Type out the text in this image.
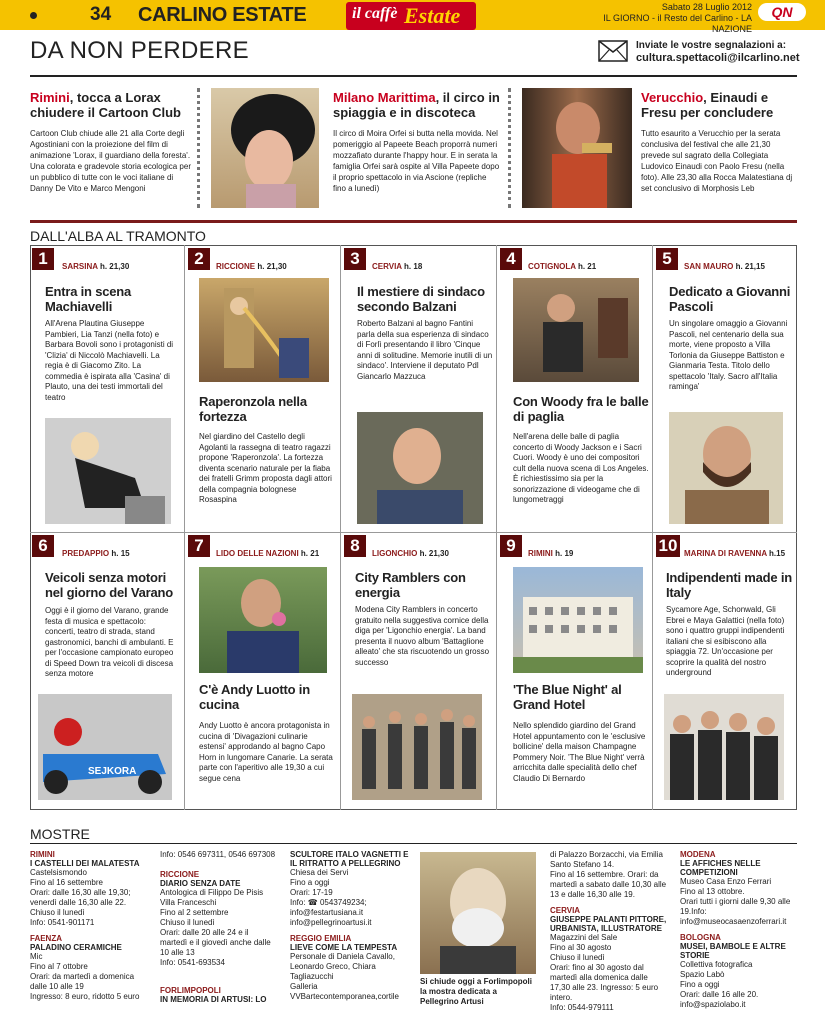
34 CARLINO ESTATE	il caffè Estate	Sabato 28 Luglio 2012
IL GIORNO - il Resto del Carlino - LA NAZIONE
QN
DA NON PERDERE	Inviate le vostre segnalazioni a:
cultura.spettacoli@ilcarlino.net
Rimini, tocca a Lorax chiudere il Cartoon Club
Cartoon Club chiude alle 21 alla Corte degli Agostiniani con la proiezione del film di animazione 'Lorax, il guardiano della foresta'. Una colorata e gradevole storia ecologica per un pubblico di tutte con le voci italiane di Danny De Vito e Marco Mengoni
Milano Marittima, il circo in spiaggia e in discoteca
Il circo di Moira Orfei si butta nella movida. Nel pomeriggio al Papeete Beach proporrà numeri mozzafiato durante l'happy hour. E in serata la famiglia Orfei sarà ospite al Villa Papeete dopo il proprio spettacolo in via Ascione (repliche fino a lunedì)
Verucchio, Einaudi e Fresu per concludere
Tutto esaurito a Verucchio per la serata conclusiva del festival che alle 21,30 prevede sul sagrato della Collegiata Ludovico Einaudi con Paolo Fresu (nella foto). Alle 23,30 alla Rocca Malatestiana dj set conclusivo di Morphosis Leb
DALL'ALBA AL TRAMONTO
1	SARSINA h. 21,30
Entra in scena Machiavelli
All'Arena Plautina Giuseppe Pambieri, Lia Tanzi (nella foto) e Barbara Bovoli sono i protagonisti di 'Clizia' di Niccolò Machiavelli. La regia è di Giacomo Zito. La commedia è ispirata alla 'Casina' di Plauto, una dei testi immortali del teatro
2	RICCIONE h. 21,30
Raperonzola nella fortezza
Nel giardino del Castello degli Agolanti la rassegna di teatro ragazzi propone 'Raperonzola'. La fortezza diventa scenario naturale per la fiaba dei fratelli Grimm proposta dagli attori della compagnia bolognese Rosaspina
3	CERVIA h. 18
Il mestiere di sindaco secondo Balzani
Roberto Balzani al bagno Fantini parla della sua esperienza di sindaco di Forlì presentando il libro 'Cinque anni di solitudine. Memorie inutili di un sindaco'. Interviene il deputato Pdl Giancarlo Mazzuca
4	COTIGNOLA h. 21
Con Woody fra le balle di paglia
Nell'arena delle balle di paglia concerto di Woody Jackson e i Sacri Cuori. Woody è uno dei compositori cult della nuova scena di Los Angeles. È richiestissimo sia per la sonorizzazione di videogame che di lungometraggi
5	SAN MAURO h. 21,15
Dedicato a Giovanni Pascoli
Un singolare omaggio a Giovanni Pascoli, nel centenario della sua morte, viene proposto a Villa Torlonia da Giuseppe Battiston e Gianmaria Testa. Titolo dello spettacolo 'Italy. Sacro all'Italia raminga'
6	PREDAPPIO h. 15
Veicoli senza motori nel giorno del Varano
Oggi è il giorno del Varano, grande festa di musica e spettacolo: concerti, teatro di strada, stand gastronomici, banchi di ambulanti. E per l'occasione campionato europeo di Speed Down tra veicoli di discesa senza motore
SEJKORA
7	LIDO DELLE NAZIONI h. 21
C'è Andy Luotto in cucina
Andy Luotto è ancora protagonista in cucina di 'Divagazioni culinarie estensi' approdando al bagno Capo Horn in lungomare Canarie. La serata parte con l'aperitivo alle 19,30 a cui segue cena
8	LIGONCHIO h. 21,30
City Ramblers con energia
Modena City Ramblers in concerto gratuito nella suggestiva cornice della diga per 'Ligonchio energia'. La band presenta il nuovo album 'Battaglione alleato' che sta riscuotendo un grosso successo
9	RIMINI h. 19
'The Blue Night' al Grand Hotel
Nello splendido giardino del Grand Hotel appuntamento con le 'esclusive bollicine' della maison Champagne Pommery Noir. 'The Blue Night' verrà arricchita dalle specialità dello chef Claudio Di Bernardo
10 MARINA DI RAVENNA h.15
Indipendenti made in Italy
Sycamore Age, Schonwald, Gli Ebrei e Maya Galattici (nella foto) sono i quattro gruppi indipendenti italiani che si esibiscono alla spiaggia 72. Un'occasione per scoprire la qualità del nostro underground
MOSTRE
RIMINI
I CASTELLI DEI MALATESTA
Castelsismondo
Fino al 16 settembre
Orari: dalle 16,30 alle 19,30;
venerdì dalle 16,30 alle 22.
Chiuso il lunedì
Info: 0541-901171
FAENZA
PALADINO CERAMICHE
Mic
Fino al 7 ottobre
Orari: da martedì a domenica
dalle 10 alle 19
Ingresso: 8 euro, ridotto 5 euro
Info: 0546 697311, 0546 697308
RICCIONE
DIARIO SENZA DATE
Antologica di Filippo De Pisis
Villa Franceschi
Fino al 2 settembre
Chiuso il lunedì
Orari: dalle 20 alle 24 e il
martedì e il giovedì anche dalle
10 alle 13
Info: 0541-693534
FORLIMPOPOLI
IN MEMORIA DI ARTUSI: LO
SCULTORE ITALO VAGNETTI E IL RITRATTO A PELLEGRINO
Chiesa dei Servi
Fino a oggi
Orari: 17-19
Info: ☎ 0543749234;
info@festartusiana.it
info@pellegrinoartusi.it
REGGIO EMILIA
LIEVE COME LA TEMPESTA
Personale di Daniela Cavallo,
Leonardo Greco, Chiara
Tagliazucchi
Galleria
VVBartecontemporanea,cortile
Si chiude oggi a Forlimpopoli la mostra dedicata a Pellegrino Artusi
di Palazzo Borzacchi, via Emilia
Santo Stefano 14.
Fino al 16 settembre. Orari: da
martedì a sabato dalle 10,30 alle
13 e dalle 16,30 alle 19.
CERVIA
GIUSEPPE PALANTI PITTORE, URBANISTA, ILLUSTRATORE
Magazzini del Sale
Fino al 30 agosto
Chiuso il lunedì
Orari: fino al 30 agosto dal
martedì alla domenica dalle
17,30 alle 23. Ingresso: 5 euro
intero.
Info: 0544-979111
MODENA
LE AFFICHES NELLE COMPETIZIONI
Museo Casa Enzo Ferrari
Fino al 13 ottobre.
Orari tutti i giorni dalle 9,30 alle
19.Info:
info@museocasaenzoferrari.it
BOLOGNA
MUSEI, BAMBOLE E ALTRE STORIE
Collettiva fotografica
Spazio Labò
Fino a oggi
Orari: dalle 16 alle 20.
info@spaziolabo.it
